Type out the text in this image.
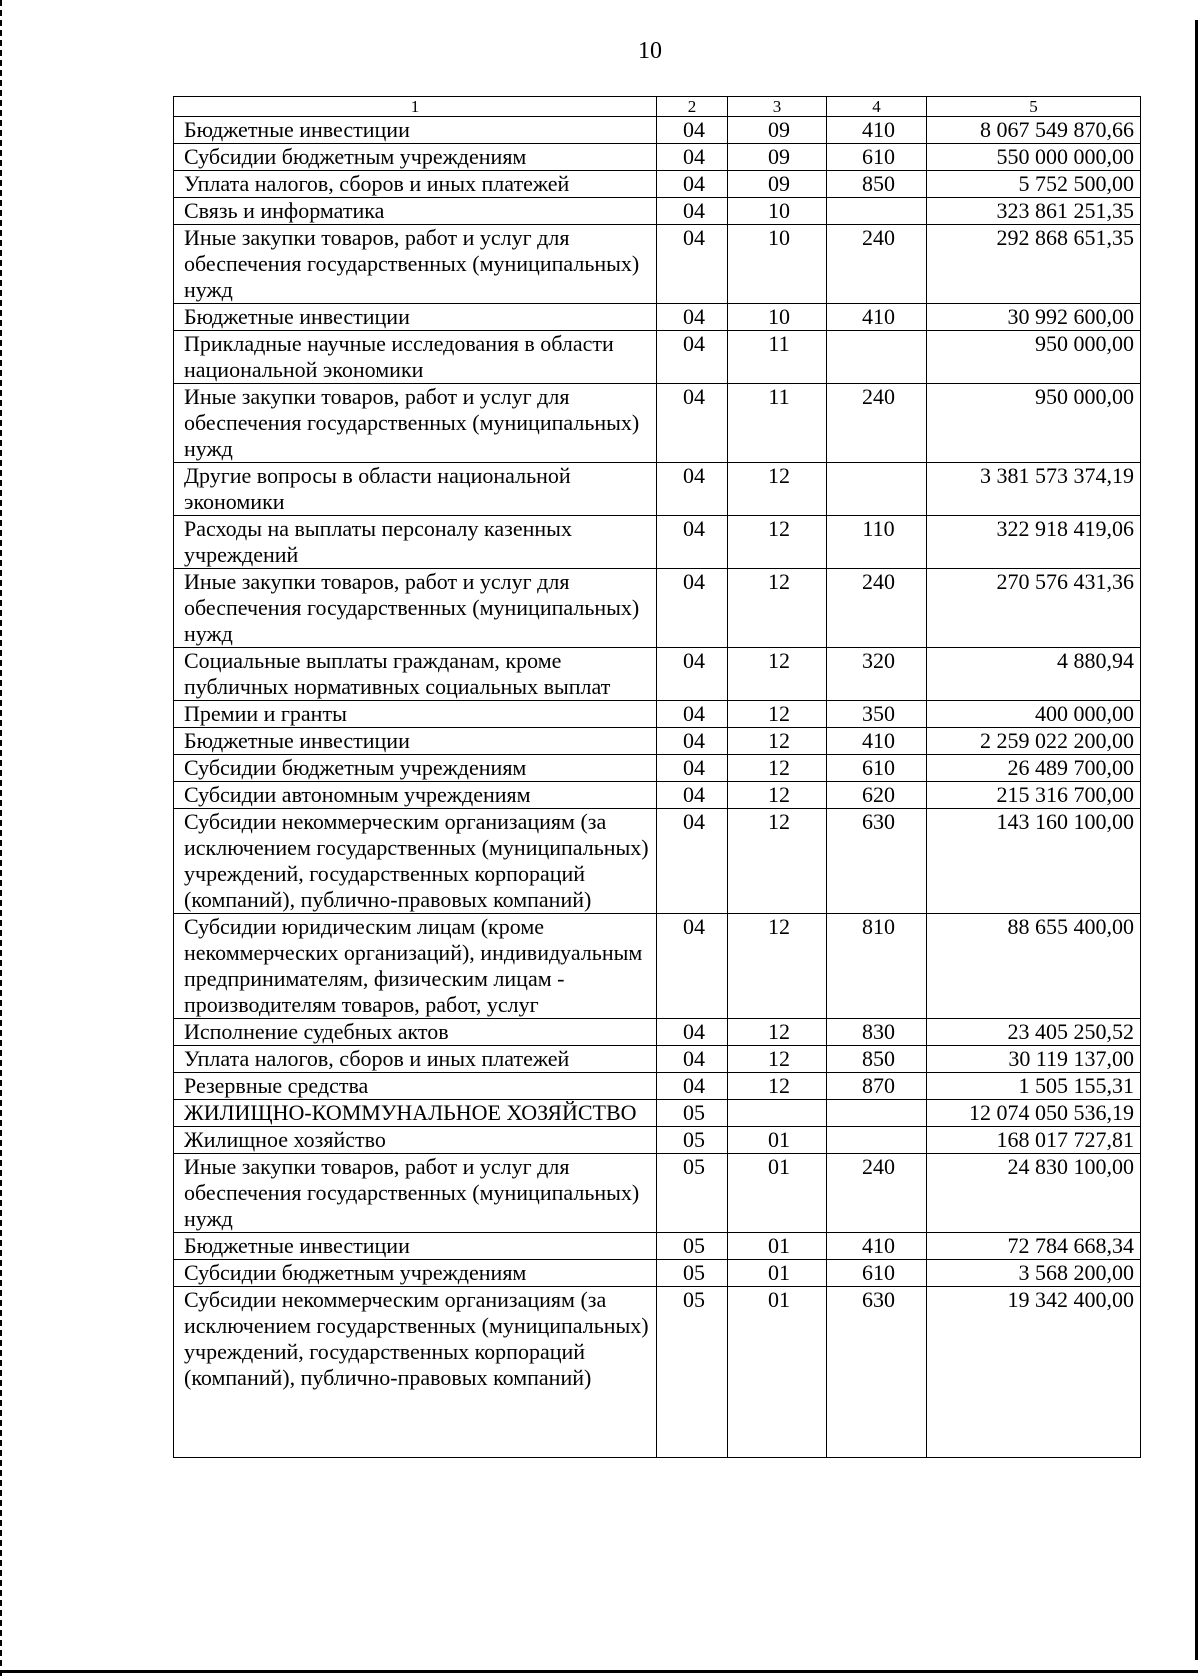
10
1	2	3	4	5
Бюджетные инвестиции	04	09	410	8 067 549 870,66
Субсидии бюджетным учреждениям	04	09	610	550 000 000,00
Уплата налогов, сборов и иных платежей	04	09	850	5 752 500,00
Связь и информатика	04	10		323 861 251,35
Иные закупки товаров, работ и услуг для обеспечения государственных (муниципальных) нужд	04	10	240	292 868 651,35
Бюджетные инвестиции	04	10	410	30 992 600,00
Прикладные научные исследования в области национальной экономики	04	11		950 000,00
Иные закупки товаров, работ и услуг для обеспечения государственных (муниципальных) нужд	04	11	240	950 000,00
Другие вопросы в области национальной экономики	04	12		3 381 573 374,19
Расходы на выплаты персоналу казенных учреждений	04	12	110	322 918 419,06
Иные закупки товаров, работ и услуг для обеспечения государственных (муниципальных) нужд	04	12	240	270 576 431,36
Социальные выплаты гражданам, кроме публичных нормативных социальных выплат	04	12	320	4 880,94
Премии и гранты	04	12	350	400 000,00
Бюджетные инвестиции	04	12	410	2 259 022 200,00
Субсидии бюджетным учреждениям	04	12	610	26 489 700,00
Субсидии автономным учреждениям	04	12	620	215 316 700,00
Субсидии некоммерческим организациям (за исключением государственных (муниципальных) учреждений, государственных корпораций (компаний), публично-правовых компаний)	04	12	630	143 160 100,00
Субсидии юридическим лицам (кроме некоммерческих организаций), индивидуальным предпринимателям, физическим лицам - производителям товаров, работ, услуг	04	12	810	88 655 400,00
Исполнение судебных актов	04	12	830	23 405 250,52
Уплата налогов, сборов и иных платежей	04	12	850	30 119 137,00
Резервные средства	04	12	870	1 505 155,31
ЖИЛИЩНО-КОММУНАЛЬНОЕ ХОЗЯЙСТВО	05			12 074 050 536,19
Жилищное хозяйство	05	01		168 017 727,81
Иные закупки товаров, работ и услуг для обеспечения государственных (муниципальных) нужд	05	01	240	24 830 100,00
Бюджетные инвестиции	05	01	410	72 784 668,34
Субсидии бюджетным учреждениям	05	01	610	3 568 200,00
Субсидии некоммерческим организациям (за исключением государственных (муниципальных) учреждений, государственных корпораций (компаний), публично-правовых компаний)	05	01	630	19 342 400,00
